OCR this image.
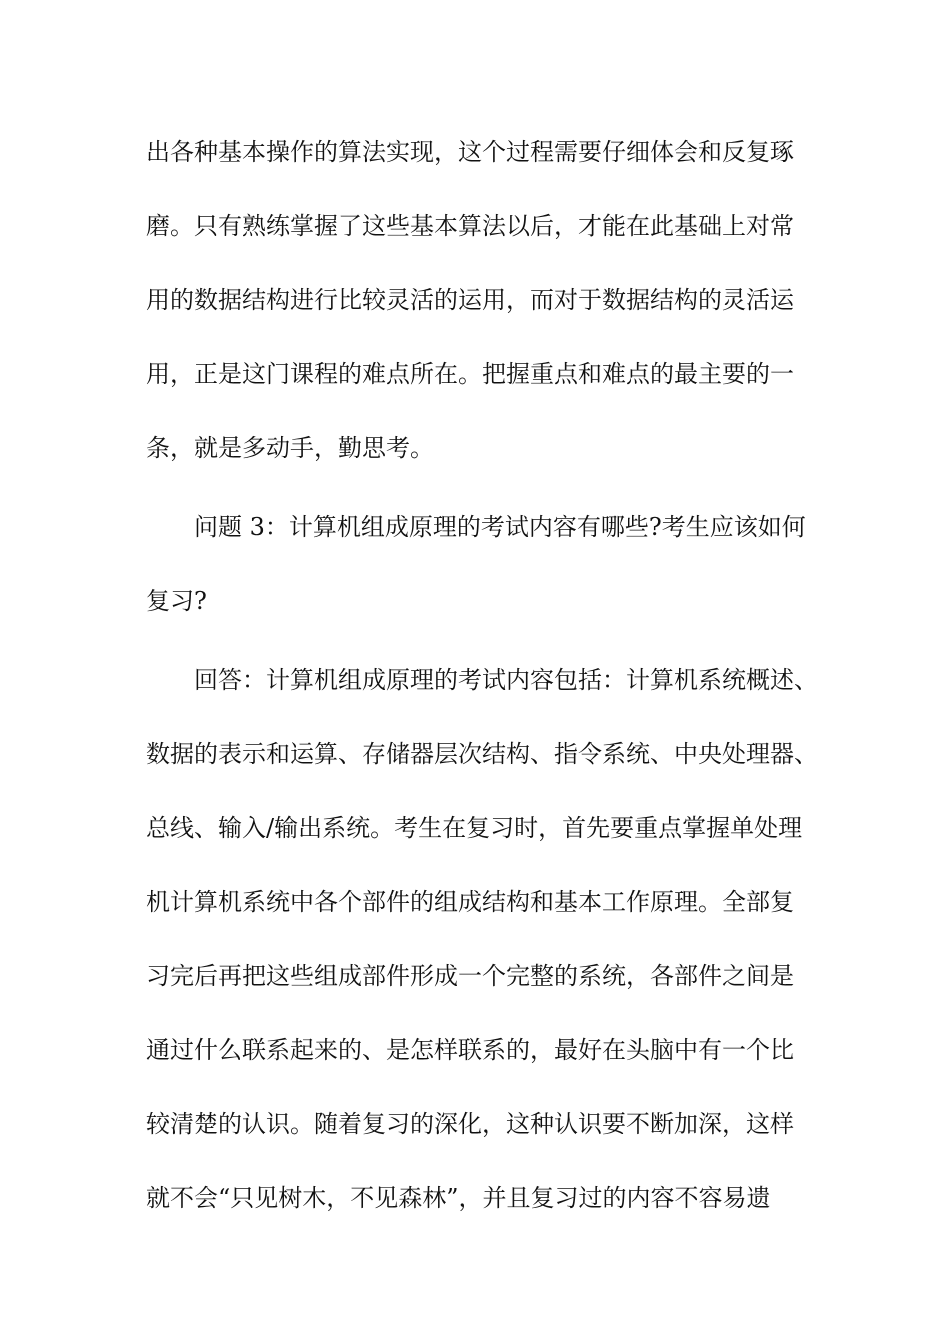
出各种基本操作的算法实现，这个过程需要仔细体会和反复琢
磨。只有熟练掌握了这些基本算法以后，才能在此基础上对常
用的数据结构进行比较灵活的运用，而对于数据结构的灵活运
用，正是这门课程的难点所在。把握重点和难点的最主要的一
条，就是多动手，勤思考。
问题 3：计算机组成原理的考试内容有哪些?考生应该如何
复习?
回答：计算机组成原理的考试内容包括：计算机系统概述、
数据的表示和运算、存储器层次结构、指令系统、中央处理器、
总线、输入/输出系统。考生在复习时，首先要重点掌握单处理
机计算机系统中各个部件的组成结构和基本工作原理。全部复
习完后再把这些组成部件形成一个完整的系统，各部件之间是
通过什么联系起来的、是怎样联系的，最好在头脑中有一个比
较清楚的认识。随着复习的深化，这种认识要不断加深，这样
就不会“只见树木，不见森林”，并且复习过的内容不容易遗
